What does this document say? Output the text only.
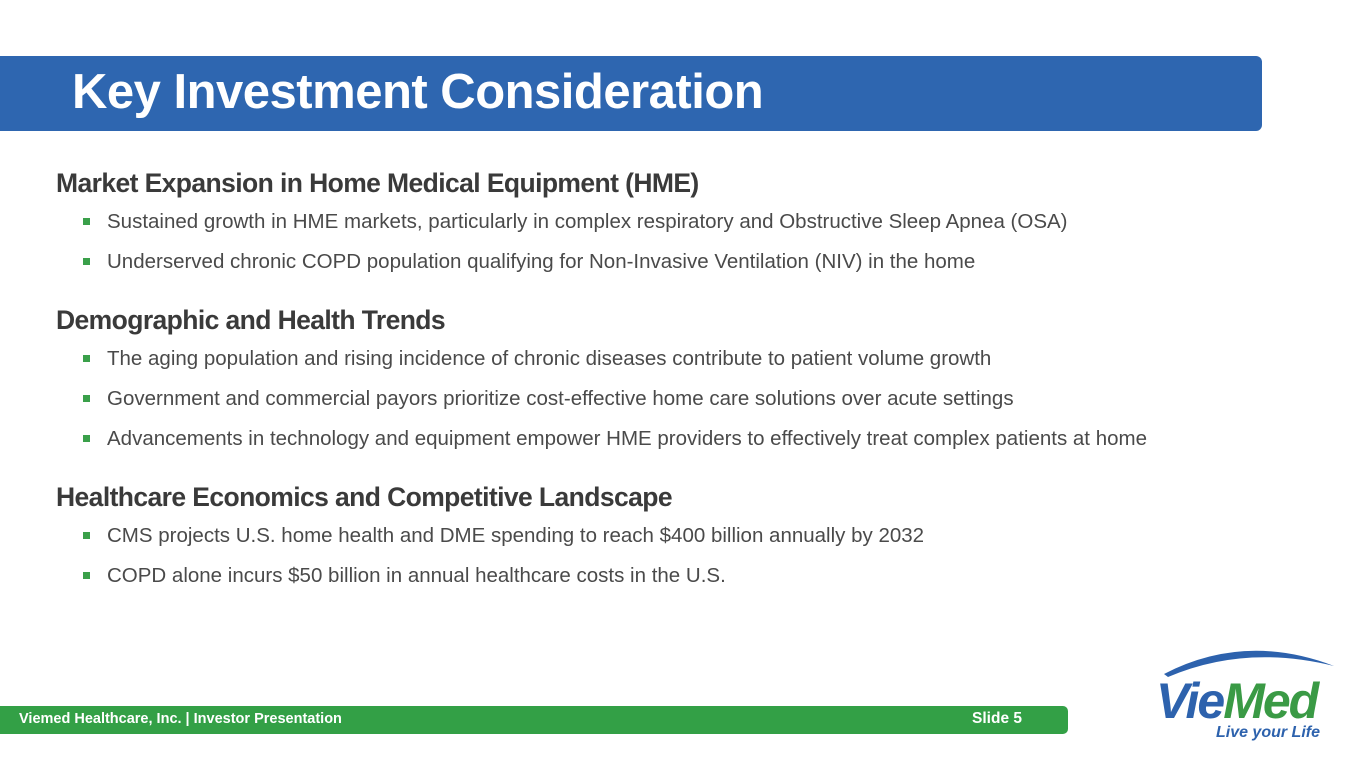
Key Investment Consideration
Market Expansion in Home Medical Equipment (HME)
Sustained growth in HME markets, particularly in complex respiratory and Obstructive Sleep Apnea (OSA)
Underserved chronic COPD population qualifying for Non-Invasive Ventilation (NIV) in the home
Demographic and Health Trends
The aging population and rising incidence of chronic diseases contribute to patient volume growth
Government and commercial payors prioritize cost-effective home care solutions over acute settings
Advancements in technology and equipment empower HME providers to effectively treat complex patients at home
Healthcare Economics and Competitive Landscape
CMS projects U.S. home health and DME spending to reach $400 billion annually by 2032
COPD alone incurs $50 billion in annual healthcare costs in the U.S.
Viemed Healthcare, Inc. | Investor Presentation	Slide 5	VieMed
Live your Life
